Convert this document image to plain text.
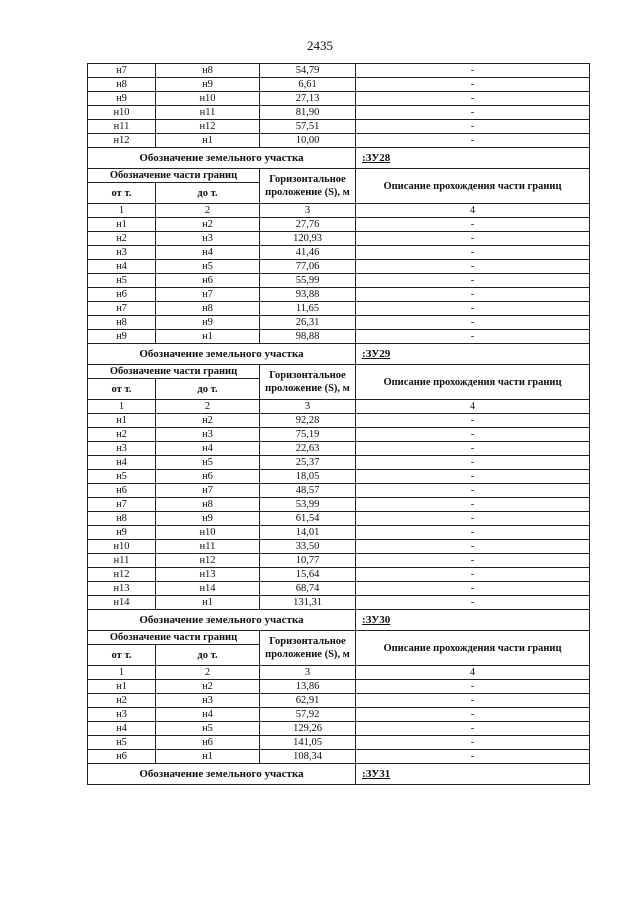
2435
н7	н8	54,79	-
н8	н9	6,61	-
н9	н10	27,13	-
н10	н11	81,90	-
н11	н12	57,51	-
н12	н1	10,00	-
Обозначение земельного участка			:ЗУ28
Обозначение части границ		Горизонтальное проложение (S), м	Описание прохождения части границ
от т.	до т.		
1	2	3	4
н1	н2	27,76	-
н2	н3	120,93	-
н3	н4	41,46	-
н4	н5	77,06	-
н5	н6	55,99	-
н6	н7	93,88	-
н7	н8	11,65	-
н8	н9	26,31	-
н9	н1	98,88	-
Обозначение земельного участка			:ЗУ29
Обозначение части границ		Горизонтальное проложение (S), м	Описание прохождения части границ
от т.	до т.		
1	2	3	4
н1	н2	92,28	-
н2	н3	75,19	-
н3	н4	22,63	-
н4	н5	25,37	-
н5	н6	18,05	-
н6	н7	48,57	-
н7	н8	53,99	-
н8	н9	61,54	-
н9	н10	14,01	-
н10	н11	33,50	-
н11	н12	10,77	-
н12	н13	15,64	-
н13	н14	68,74	-
н14	н1	131,31	-
Обозначение земельного участка			:ЗУ30
Обозначение части границ		Горизонтальное проложение (S), м	Описание прохождения части границ
от т.	до т.		
1	2	3	4
н1	н2	13,86	-
н2	н3	62,91	-
н3	н4	57,92	-
н4	н5	129,26	-
н5	н6	141,05	-
н6	н1	108,34	-
Обозначение земельного участка			:ЗУ31
